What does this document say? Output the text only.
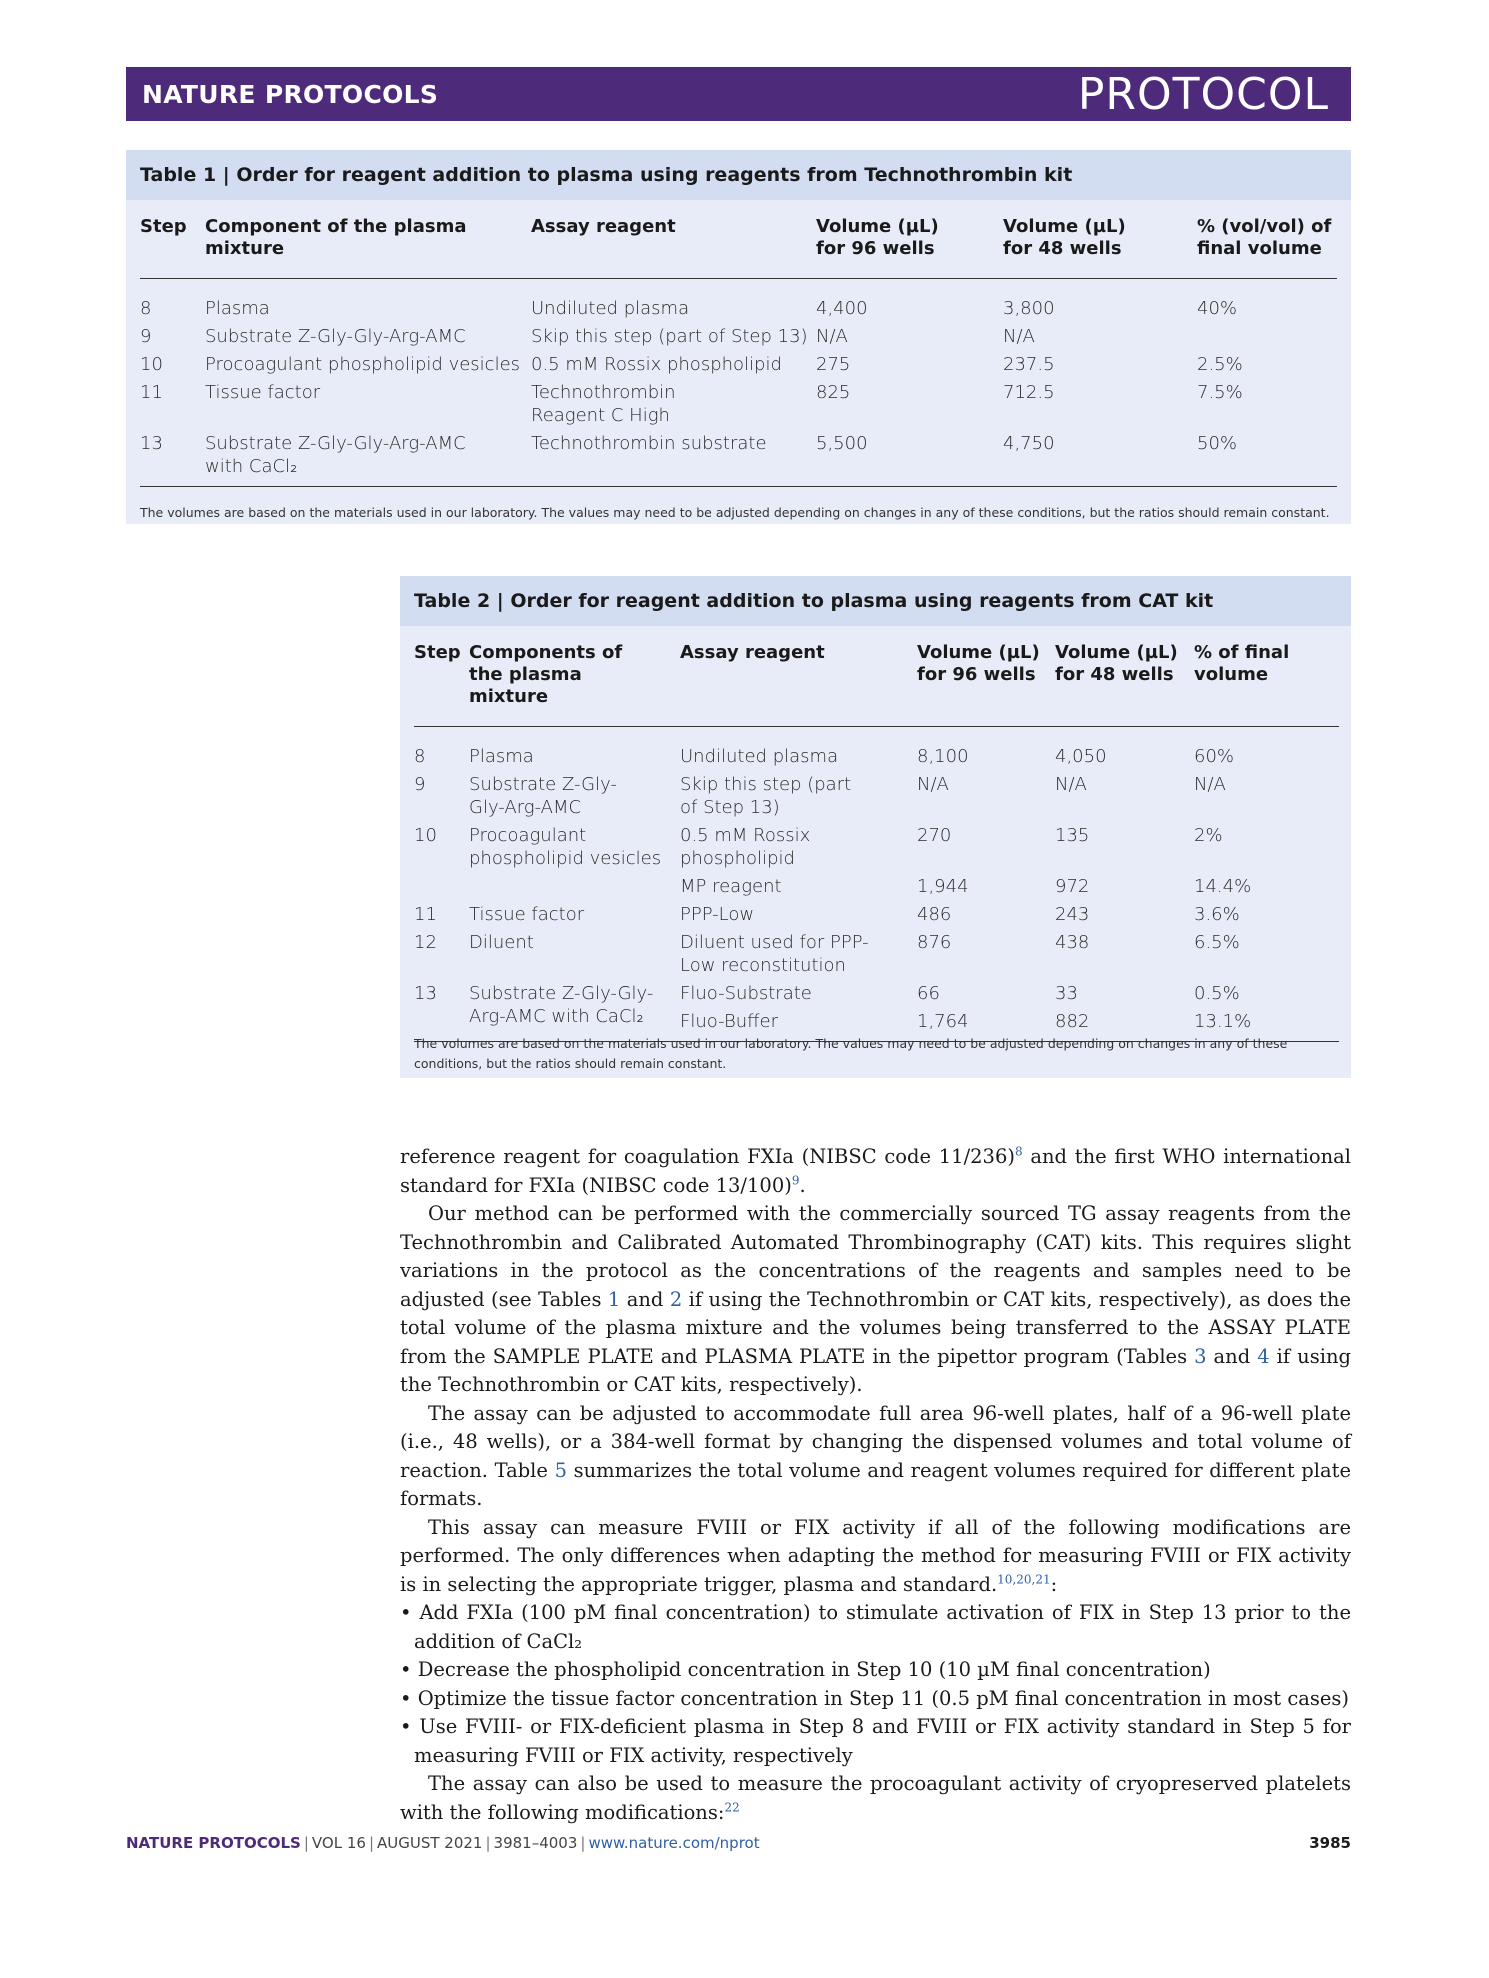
NATURE PROTOCOLS	PROTOCOL
Table 1 | Order for reagent addition to plasma using reagents from Technothrombin kit
Step	Component of the plasma mixture	Assay reagent	Volume (µL) for 96 wells	Volume (µL) for 48 wells	% (vol/vol) of final volume
8	Plasma	Undiluted plasma	4,400	3,800	40%
9	Substrate Z-Gly-Gly-Arg-AMC	Skip this step (part of Step 13)	N/A	N/A	
10	Procoagulant phospholipid vesicles	0.5 mM Rossix phospholipid	275	237.5	2.5%
11	Tissue factor	Technothrombin Reagent C High	825	712.5	7.5%
13	Substrate Z-Gly-Gly-Arg-AMC with CaCl₂	Technothrombin substrate	5,500	4,750	50%

The volumes are based on the materials used in our laboratory. The values may need to be adjusted depending on changes in any of these conditions, but the ratios should remain constant.
Table 2 | Order for reagent addition to plasma using reagents from CAT kit
Step	Components of the plasma mixture	Assay reagent	Volume (µL) for 96 wells	Volume (µL) for 48 wells	% of final volume
8	Plasma	Undiluted plasma	8,100	4,050	60%
9	Substrate Z-Gly-Gly-Arg-AMC	Skip this step (part of Step 13)	N/A	N/A	N/A
10	Procoagulant phospholipid vesicles	0.5 mM Rossix phospholipid	270	135	2%
		MP reagent	1,944	972	14.4%
11	Tissue factor	PPP-Low	486	243	3.6%
12	Diluent	Diluent used for PPP-Low reconstitution	876	438	6.5%
13	Substrate Z-Gly-Gly-Arg-AMC with CaCl₂	Fluo-Substrate	66	33	0.5%
		Fluo-Buffer	1,764	882	13.1%

The volumes are based on the materials used in our laboratory. The values may need to be adjusted depending on changes in any of these conditions, but the ratios should remain constant.

reference reagent for coagulation FXIa (NIBSC code 11/236)$^8$ and the first WHO international standard for FXIa (NIBSC code 13/100)$^9$.

Our method can be performed with the commercially sourced TG assay reagents from the Technothrombin and Calibrated Automated Thrombinography (CAT) kits. This requires slight variations in the protocol as the concentrations of the reagents and samples need to be adjusted (see Tables 1 and 2 if using the Technothrombin or CAT kits, respectively), as does the total volume of the plasma mixture and the volumes being transferred to the ASSAY PLATE from the SAMPLE PLATE and PLASMA PLATE in the pipettor program (Tables 3 and 4 if using the Technothrombin or CAT kits, respectively).

The assay can be adjusted to accommodate full area 96-well plates, half of a 96-well plate (i.e., 48 wells), or a 384-well format by changing the dispensed volumes and total volume of reaction. Table 5 summarizes the total volume and reagent volumes required for different plate formats.

This assay can measure FVIII or FIX activity if all of the following modifications are performed. The only differences when adapting the method for measuring FVIII or FIX activity is in selecting the appropriate trigger, plasma and standard.$^{10,20,21}$:

• Add FXIa (100 pM final concentration) to stimulate activation of FIX in Step 13 prior to the addition of CaCl₂

• Decrease the phospholipid concentration in Step 10 (10 µM final concentration)

• Optimize the tissue factor concentration in Step 11 (0.5 pM final concentration in most cases)

• Use FVIII- or FIX-deficient plasma in Step 8 and FVIII or FIX activity standard in Step 5 for measuring FVIII or FIX activity, respectively

The assay can also be used to measure the procoagulant activity of cryopreserved platelets with the following modifications:$^{22}$

NATURE PROTOCOLS | VOL 16 | AUGUST 2021 | 3981–4003 | www.nature.com/nprot	3985
